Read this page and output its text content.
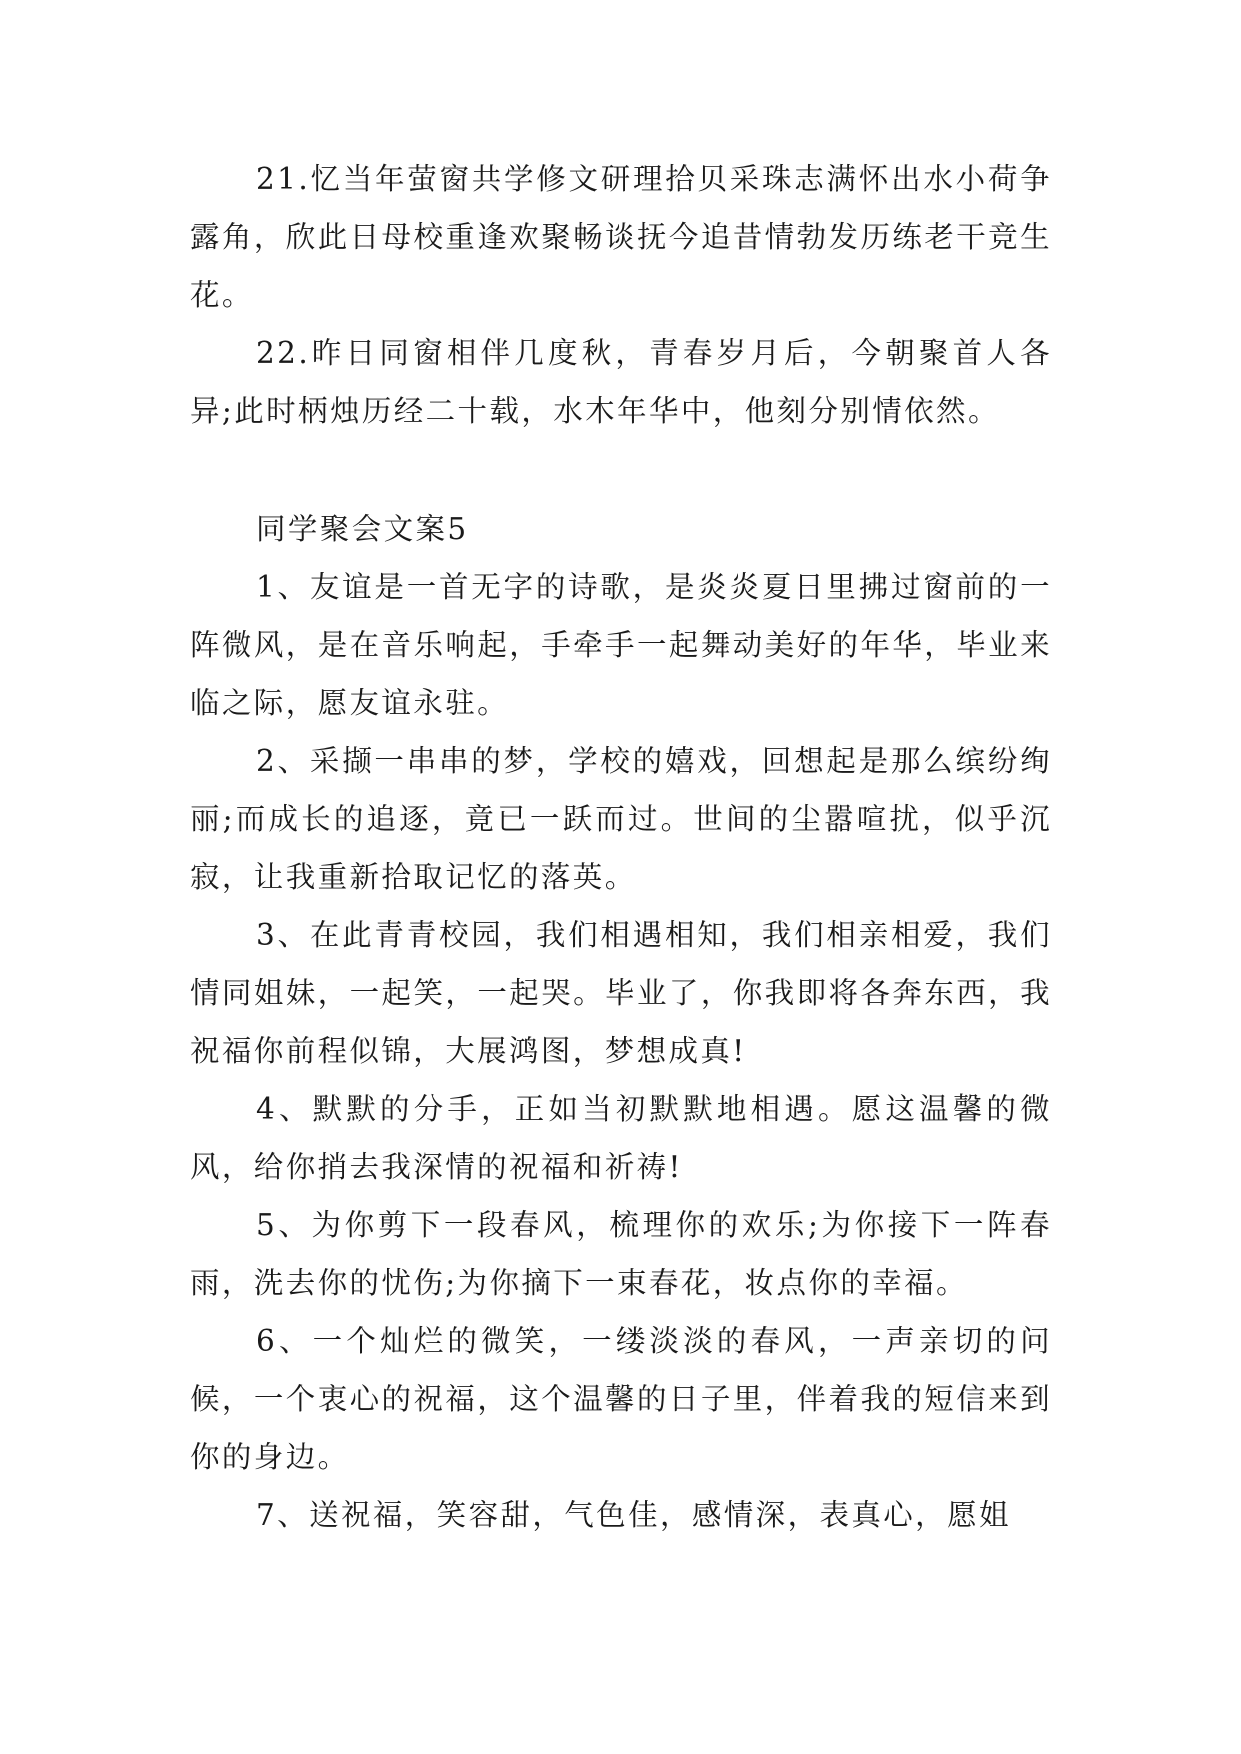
21.忆当年萤窗共学修文研理拾贝采珠志满怀出水小荷争露角，欣此日母校重逢欢聚畅谈抚今追昔情勃发历练老干竞生花。

22.昨日同窗相伴几度秋，青春岁月后，今朝聚首人各异;此时柄烛历经二十载，水木年华中，他刻分别情依然。

同学聚会文案5

1、友谊是一首无字的诗歌，是炎炎夏日里拂过窗前的一阵微风，是在音乐响起，手牵手一起舞动美好的年华，毕业来临之际，愿友谊永驻。

2、采撷一串串的梦，学校的嬉戏，回想起是那么缤纷绚丽;而成长的追逐，竟已一跃而过。世间的尘嚣喧扰，似乎沉寂，让我重新拾取记忆的落英。

3、在此青青校园，我们相遇相知，我们相亲相爱，我们情同姐妹，一起笑，一起哭。毕业了，你我即将各奔东西，我祝福你前程似锦，大展鸿图，梦想成真!

4、默默的分手，正如当初默默地相遇。愿这温馨的微风，给你捎去我深情的祝福和祈祷!

5、为你剪下一段春风，梳理你的欢乐;为你接下一阵春雨，洗去你的忧伤;为你摘下一束春花，妆点你的幸福。

6、一个灿烂的微笑，一缕淡淡的春风，一声亲切的问候，一个衷心的祝福，这个温馨的日子里，伴着我的短信来到你的身边。

7、送祝福，笑容甜，气色佳，感情深，表真心，愿姐
